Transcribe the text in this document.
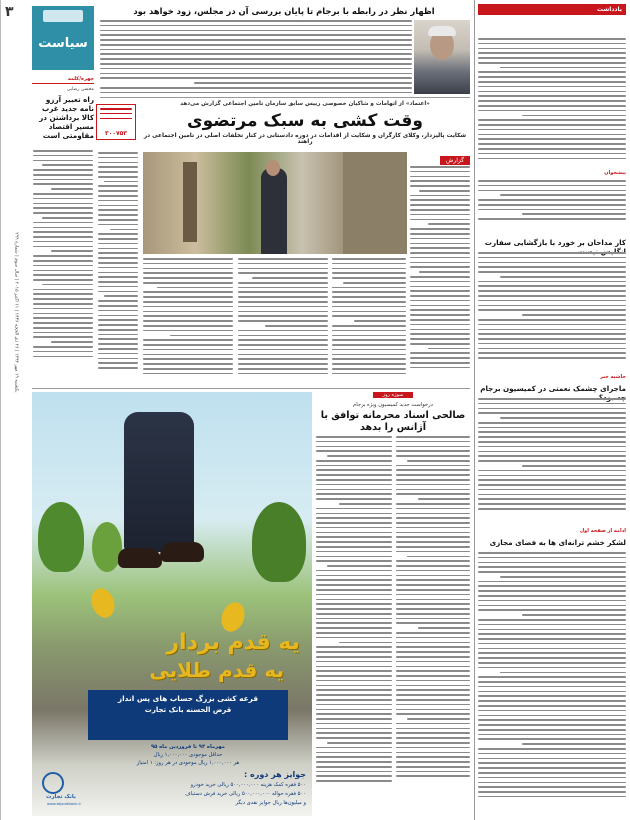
۳
یکشنبه ۱۹ مهر ۱۳۹۴ | ۲۶ ذی الحجه ۱۴۳۶ | ۱۱ اکتبر ۲۰۱۵ | سال سوم | شماره ۲۹۹
سیاست
چهره/کلمه
محسن رضایی
راه تعبیر آرزو نامه جدید غرب کالا برداشتن در مسیر اقتصاد مقاومتی است
اظهار نظر در رابطه با برجام تا پایان بررسی آن در مجلس، زود خواهد بود
«اعتماد» از اتهامات و شاکیان خصوصی رییس سابق سازمان تامین اجتماعی گزارش می‌دهد
وقت کشی به سبک مرتضوی
شکایت پالیزدار، وکلای کارگران و شکایت از اقدامات در دوره دادستانی در کنار تخلفات اصلی در تامین اجتماعی در راهند
۳۰۰۷۵۳
گزارش
یه قدم بردار
یه قدم طلایی
قرعه کشی بزرگ حساب های پس انداز
قرض الحسنه بانک تجارت
مهرماه ۹۴ تا فروردین ماه ۹۵
حداقل موجودی ۱,۰۰۰,۰۰۰ ریال
هر ۱,۰۰۰,۰۰۰ ریال موجودی در هر روز: ۱ امتیاز
جوایز هر دوره :
۵۰۰ فقره کمک هزینه ۵۰۰,۰۰۰,۰۰۰ ریالی خرید خودرو
۵۰۰ فقره حواله ۵۰۰,۰۰۰,۰۰۰ ریالی خرید فرش دستباف
و میلیون‌ها ریال جوایز نقدی دیگر
بانک تجارت
www.tejaratbank.ir
سوژه روز
درخواست جدید کمیسیون ویژه برجام
صالحی اسناد محرمانه توافق با آژانس را بدهد
یادداشت
پیشخوان
کار مداحان بر خورد با بازگشایی سفارت
حاشیه خبر
ماجرای چشمک نعمتی در کمیسیون برجام
ادامه از صفحه اول
لشکر خشم ترانه‌ای ها به فضای مجازی
